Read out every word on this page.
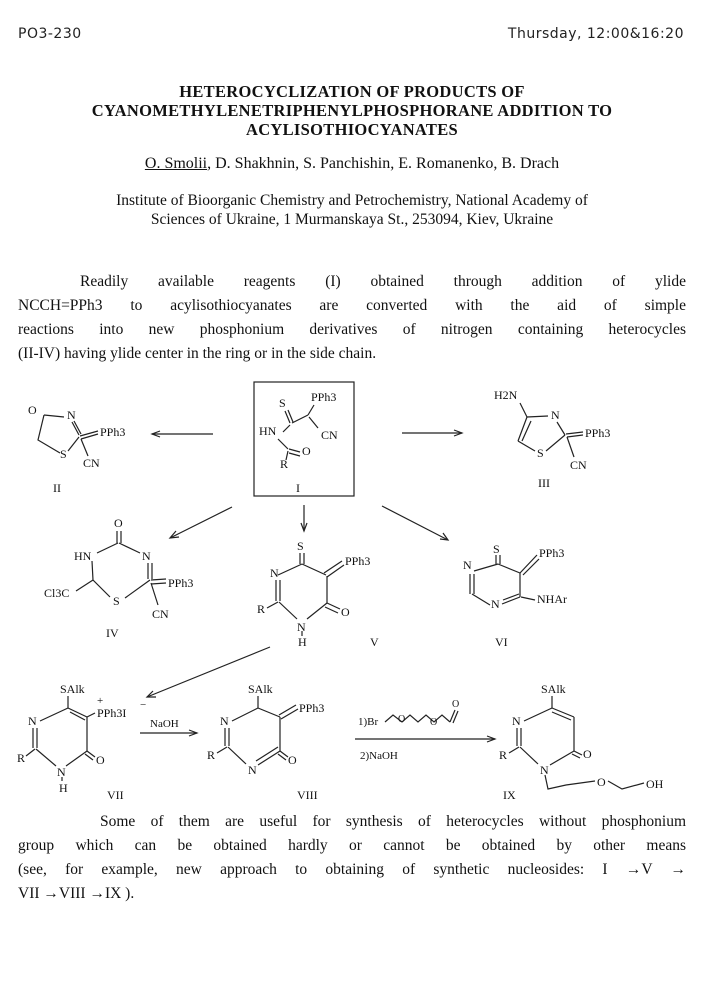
PO3-230	Thursday, 12:00&16:20
HETEROCYCLIZATION OF PRODUCTS OF
CYANOMETHYLENETRIPHENYLPHOSPHORANE ADDITION TO
ACYLISOTHIOCYANATES
O. Smolii, D. Shakhnin, S. Panchishin, E. Romanenko, B. Drach
Institute of Bioorganic Chemistry and Petrochemistry, National Academy of
Sciences of Ukraine, 1 Murmanskaya St., 253094, Kiev, Ukraine
Readily available reagents (I) obtained through addition of ylide
NCCH=PPh3 to acylisothiocyanates are converted with the aid of simple
reactions into new phosphonium derivatives of nitrogen containing heterocycles
(II-IV) having ylide center in the ring or in the side chain.
S PPh3
HN	CN
O
R
I
O	N
PPh3
S
CN
II
H2N
N
PPh3
S
CN
III
O
HN	N
Cl3C
PPh3
S
CN
IV
S
PPh3
N
R	O
N
H	V
S	PPh3
N
N	NHAr
VI
SAlk
+
PPh3I
−
N
R	O
N
H	VII
NaOH
SAlk
PPh3
N
R	O
N
VIII
1)Br O O
O
2)NaOH
SAlk
N
R	O
N
O	OH
IX
Some of them are useful for synthesis of heterocycles without phosphonium
group which can be obtained hardly or cannot be obtained by other means
(see, for example, new approach to obtaining of synthetic nucleosides: I →V →
VII →VIII →IX ).
